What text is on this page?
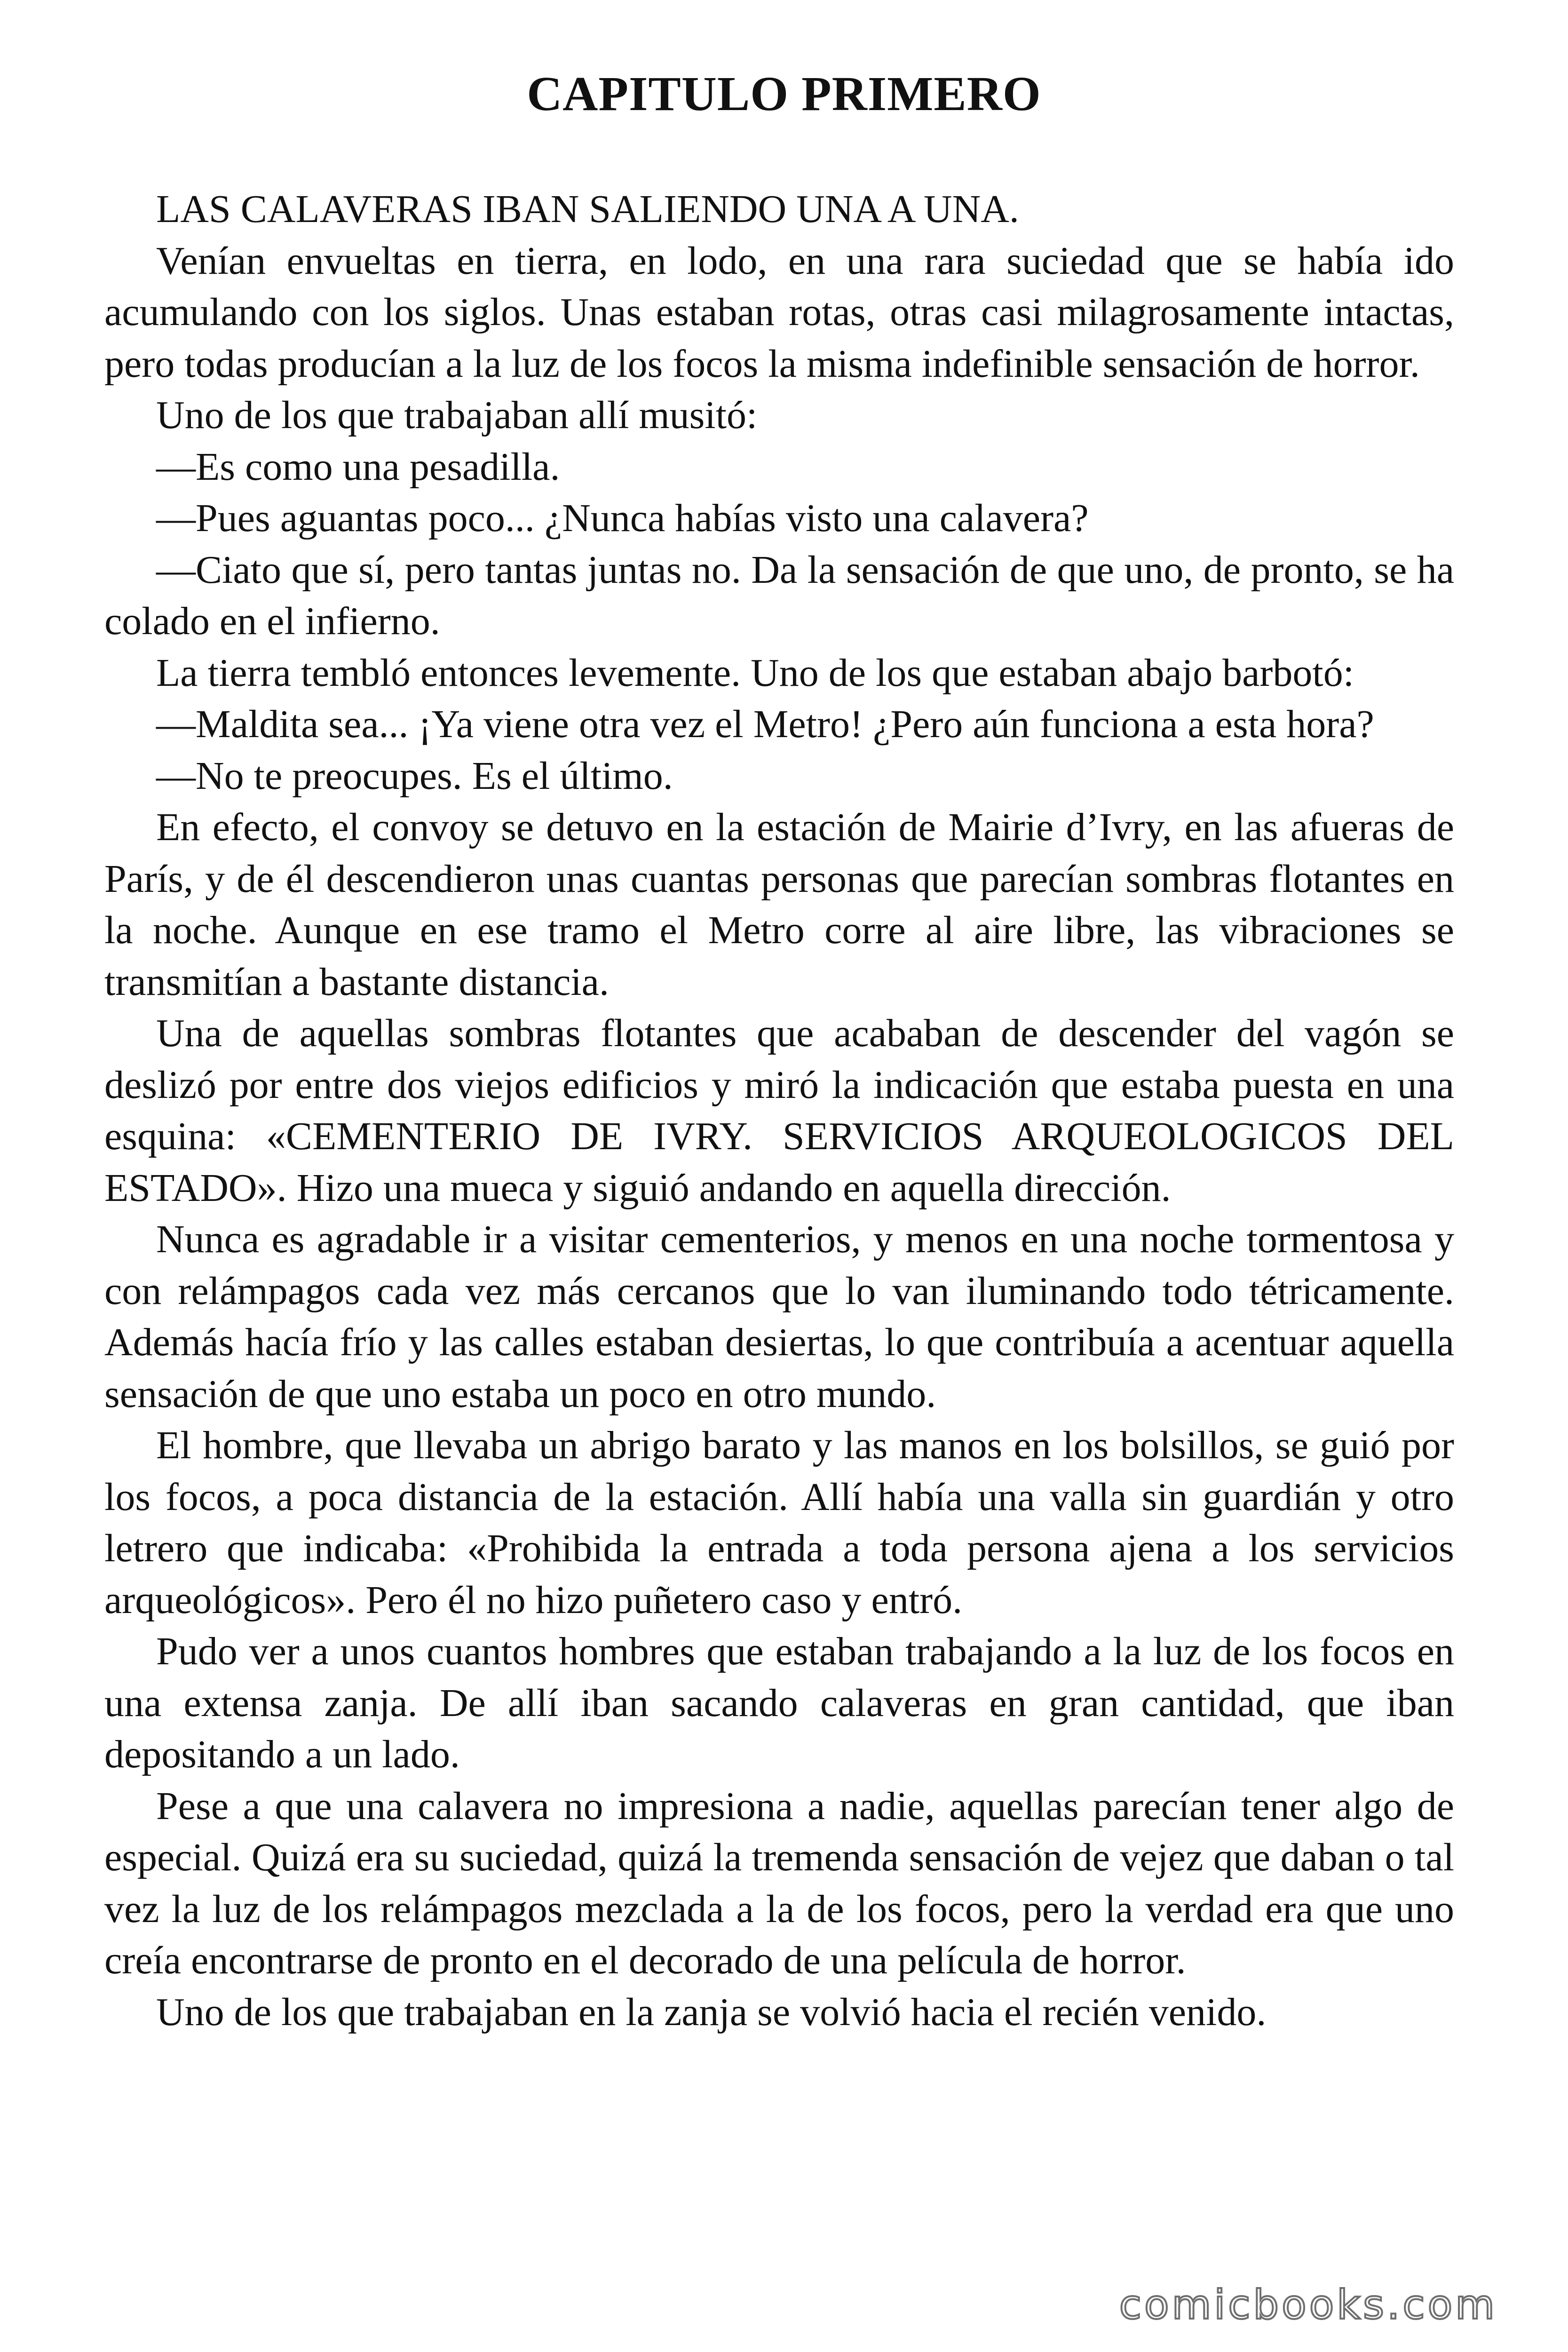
CAPITULO PRIMERO

LAS CALAVERAS IBAN SALIENDO UNA A UNA.

Venían envueltas en tierra, en lodo, en una rara suciedad que se había ido acumulando con los siglos. Unas estaban rotas, otras casi milagrosamente intactas, pero todas producían a la luz de los focos la misma indefinible sensación de horror.

Uno de los que trabajaban allí musitó:

—Es como una pesadilla.

—Pues aguantas poco... ¿Nunca habías visto una calavera?

—Ciato que sí, pero tantas juntas no. Da la sensación de que uno, de pronto, se ha colado en el infierno.

La tierra tembló entonces levemente. Uno de los que estaban abajo barbotó:

—Maldita sea... ¡Ya viene otra vez el Metro! ¿Pero aún funciona a esta hora?

—No te preocupes. Es el último.

En efecto, el convoy se detuvo en la estación de Mairie d’Ivry, en las afueras de París, y de él descendieron unas cuantas personas que parecían sombras flotantes en la noche. Aunque en ese tramo el Metro corre al aire libre, las vibraciones se transmitían a bastante distancia.

Una de aquellas sombras flotantes que acababan de descender del vagón se deslizó por entre dos viejos edificios y miró la indicación que estaba puesta en una esquina: «CEMENTERIO DE IVRY. SERVICIOS ARQUEOLOGICOS DEL ESTADO». Hizo una mueca y siguió andando en aquella dirección.

Nunca es agradable ir a visitar cementerios, y menos en una noche tormentosa y con relámpagos cada vez más cercanos que lo van iluminando todo tétricamente. Además hacía frío y las calles estaban desiertas, lo que contribuía a acentuar aquella sensación de que uno estaba un poco en otro mundo.

El hombre, que llevaba un abrigo barato y las manos en los bolsillos, se guió por los focos, a poca distancia de la estación. Allí había una valla sin guardián y otro letrero que indicaba: «Prohibida la entrada a toda persona ajena a los servicios arqueológicos». Pero él no hizo puñetero caso y entró.

Pudo ver a unos cuantos hombres que estaban trabajando a la luz de los focos en una extensa zanja. De allí iban sacando calaveras en gran cantidad, que iban depositando a un lado.

Pese a que una calavera no impresiona a nadie, aquellas parecían tener algo de especial. Quizá era su suciedad, quizá la tremenda sensación de vejez que daban o tal vez la luz de los relámpagos mezclada a la de los focos, pero la verdad era que uno creía encontrarse de pronto en el decorado de una película de horror.

Uno de los que trabajaban en la zanja se volvió hacia el recién venido.

comicbooks.com
